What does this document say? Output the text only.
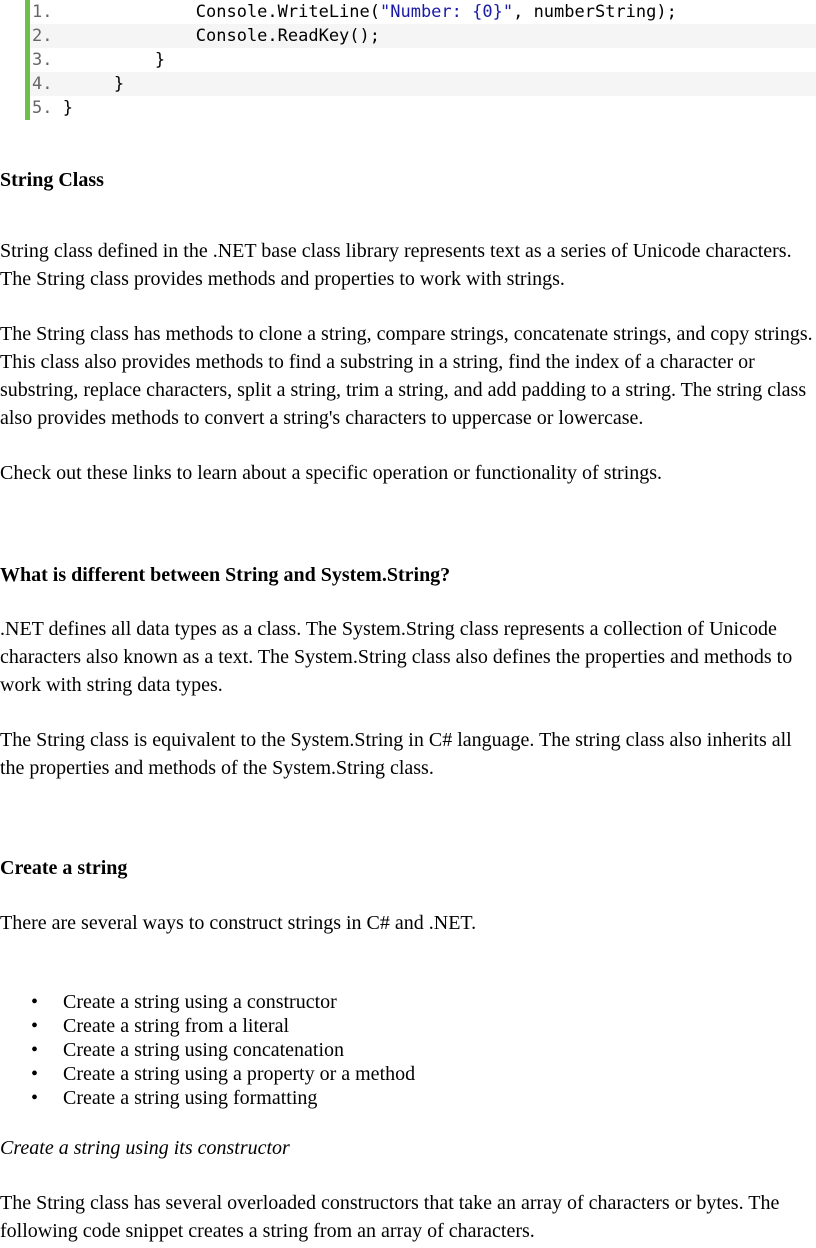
1.              Console.WriteLine("Number: {0}", numberString);
2.              Console.ReadKey();
3.          }
4.      }
5. }
String Class

String class defined in the .NET base class library represents text as a series of Unicode characters. The String class provides methods and properties to work with strings.

The String class has methods to clone a string, compare strings, concatenate strings, and copy strings. This class also provides methods to find a substring in a string, find the index of a character or substring, replace characters, split a string, trim a string, and add padding to a string. The string class also provides methods to convert a string's characters to uppercase or lowercase.

Check out these links to learn about a specific operation or functionality of strings.

What is different between String and System.String?

.NET defines all data types as a class. The System.String class represents a collection of Unicode characters also known as a text. The System.String class also defines the properties and methods to work with string data types.

The String class is equivalent to the System.String in C# language. The string class also inherits all the properties and methods of the System.String class.

Create a string

There are several ways to construct strings in C# and .NET.

• Create a string using a constructor
• Create a string from a literal
• Create a string using concatenation
• Create a string using a property or a method
• Create a string using formatting
Create a string using its constructor

The String class has several overloaded constructors that take an array of characters or bytes. The following code snippet creates a string from an array of characters.
